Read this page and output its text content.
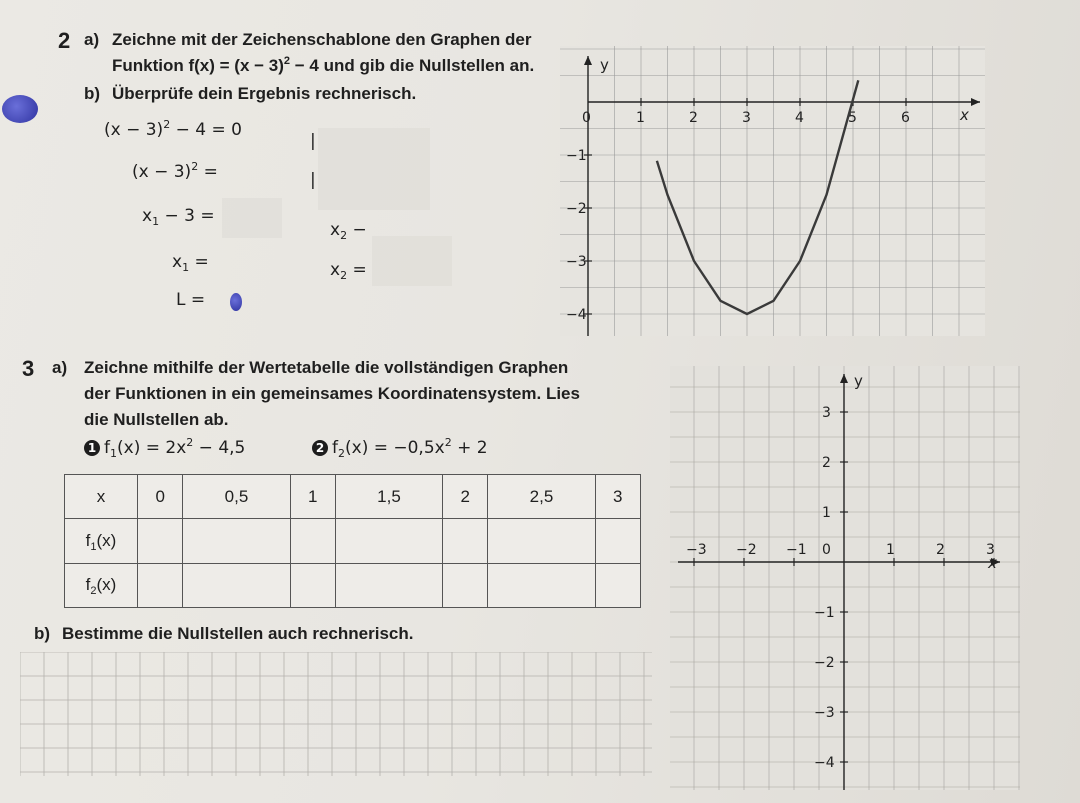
2 a) Zeichne mit der Zeichenschablone den Graphen der
Funktion $f(x) = (x - 3)^2 - 4$ und gib die Nullstellen an.
b) Überprüfe dein Ergebnis rechnerisch.
$(x - 3)^2 - 4 = 0$
|
$(x - 3)^2$ =	|
$x_1 - 3$ =
$x_2$ −
$x_1$ =	$x_2$ =
L =
0	1	2	3	4	5	6
−1
−2
−3
−4
x
y
3 a) Zeichne mithilfe der Wertetabelle die vollständigen Graphen
der Funktionen in ein gemeinsames Koordinatensystem. Lies
die Nullstellen ab.
1 $f_1(x) = 2x^2 - 4,5$	2 $f_2(x) = -0,5x^2 + 2$
x	0	0,5	1	1,5	2	2,5	3
$f_1(x)$							
$f_2(x)$							
b) Bestimme die Nullstellen auch rechnerisch.
−3 −2 −1 0	1	2	3
3
2
1
−1
−2
−3
−4
x
y
